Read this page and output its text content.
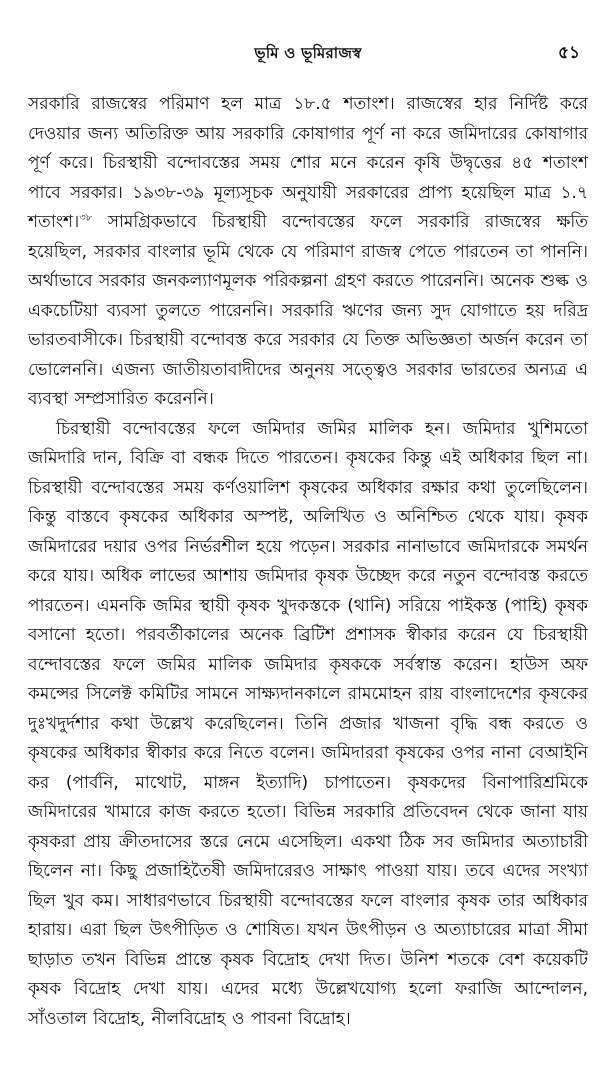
ভূমি ও ভূমিরাজস্ব	৫১

সরকারি রাজস্বের পরিমাণ হল মাত্র ১৮.৫ শতাংশ। রাজস্বের হার নির্দিষ্ট করে দেওয়ার জন্য অতিরিক্ত আয় সরকারি কোষাগার পূর্ণ না করে জমিদারের কোষাগার পূর্ণ করে। চিরস্থায়ী বন্দোবস্তের সময় শোর মনে করেন কৃষি উদ্বৃত্তের ৪৫ শতাংশ পাবে সরকার। ১৯৩৮-৩৯ মূল্যসূচক অনুযায়ী সরকারের প্রাপ্য হয়েছিল মাত্র ১.৭ শতাংশ।$^{৩৮}$ সামগ্রিকভাবে চিরস্থায়ী বন্দোবস্তের ফলে সরকারি রাজস্বের ক্ষতি হয়েছিল, সরকার বাংলার ভূমি থেকে যে পরিমাণ রাজস্ব পেতে পারতেন তা পাননি। অর্থাভাবে সরকার জনকল্যাণমূলক পরিকল্পনা গ্রহণ করতে পারেননি। অনেক শুল্ক ও একচেটিয়া ব্যবসা তুলতে পারেননি। সরকারি ঋণের জন্য সুদ যোগাতে হয় দরিদ্র ভারতবাসীকে। চিরস্থায়ী বন্দোবস্ত করে সরকার যে তিক্ত অভিজ্ঞতা অর্জন করেন তা ভোলেননি। এজন্য জাতীয়তাবাদীদের অনুনয় সত্ত্বেও সরকার ভারতের অন্যত্র এ ব্যবস্থা সম্প্রসারিত করেননি।

চিরস্থায়ী বন্দোবস্তের ফলে জমিদার জমির মালিক হন। জমিদার খুশিমতো জমিদারি দান, বিক্রি বা বন্ধক দিতে পারতেন। কৃষকের কিন্তু এই অধিকার ছিল না। চিরস্থায়ী বন্দোবস্তের সময় কর্ণওয়ালিশ কৃষকের অধিকার রক্ষার কথা তুলেছিলেন। কিন্তু বাস্তবে কৃষকের অধিকার অস্পষ্ট, অলিখিত ও অনিশ্চিত থেকে যায়। কৃষক জমিদারের দয়ার ওপর নির্ভরশীল হয়ে পড়েন। সরকার নানাভাবে জমিদারকে সমর্থন করে যায়। অধিক লাভের আশায় জমিদার কৃষক উচ্ছেদ করে নতুন বন্দোবস্ত করতে পারতেন। এমনকি জমির স্থায়ী কৃষক খুদকস্তকে (থানি) সরিয়ে পাইকস্ত (পাহি) কৃষক বসানো হতো। পরবর্তীকালের অনেক ব্রিটিশ প্রশাসক স্বীকার করেন যে চিরস্থায়ী বন্দোবস্তের ফলে জমির মালিক জমিদার কৃষককে সর্বস্বান্ত করেন। হাউস অফ কমন্সের সিলেক্ট কমিটির সামনে সাক্ষ্যদানকালে রামমোহন রায় বাংলাদেশের কৃষকের দুঃখদুর্দশার কথা উল্লেখ করেছিলেন। তিনি প্রজার খাজনা বৃদ্ধি বন্ধ করতে ও কৃষকের অধিকার স্বীকার করে নিতে বলেন। জমিদাররা কৃষকের ওপর নানা বেআইনি কর (পার্বনি, মাথোট, মাঙ্গন ইত্যাদি) চাপাতেন। কৃষকদের বিনাপারিশ্রমিকে জমিদারের খামারে কাজ করতে হতো। বিভিন্ন সরকারি প্রতিবেদন থেকে জানা যায় কৃষকরা প্রায় ক্রীতদাসের স্তরে নেমে এসেছিল। একথা ঠিক সব জমিদার অত্যাচারী ছিলেন না। কিছু প্রজাহিতৈষী জমিদারেরও সাক্ষাৎ পাওয়া যায়। তবে এদের সংখ্যা ছিল খুব কম। সাধারণভাবে চিরস্থায়ী বন্দোবস্তের ফলে বাংলার কৃষক তার অধিকার হারায়। এরা ছিল উৎপীড়িত ও শোষিত। যখন উৎপীড়ন ও অত্যাচারের মাত্রা সীমা ছাড়াত তখন বিভিন্ন প্রান্তে কৃষক বিদ্রোহ দেখা দিত। উনিশ শতকে বেশ কয়েকটি কৃষক বিদ্রোহ দেখা যায়। এদের মধ্যে উল্লেখযোগ্য হলো ফরাজি আন্দোলন, সাঁওতাল বিদ্রোহ, নীলবিদ্রোহ ও পাবনা বিদ্রোহ।
